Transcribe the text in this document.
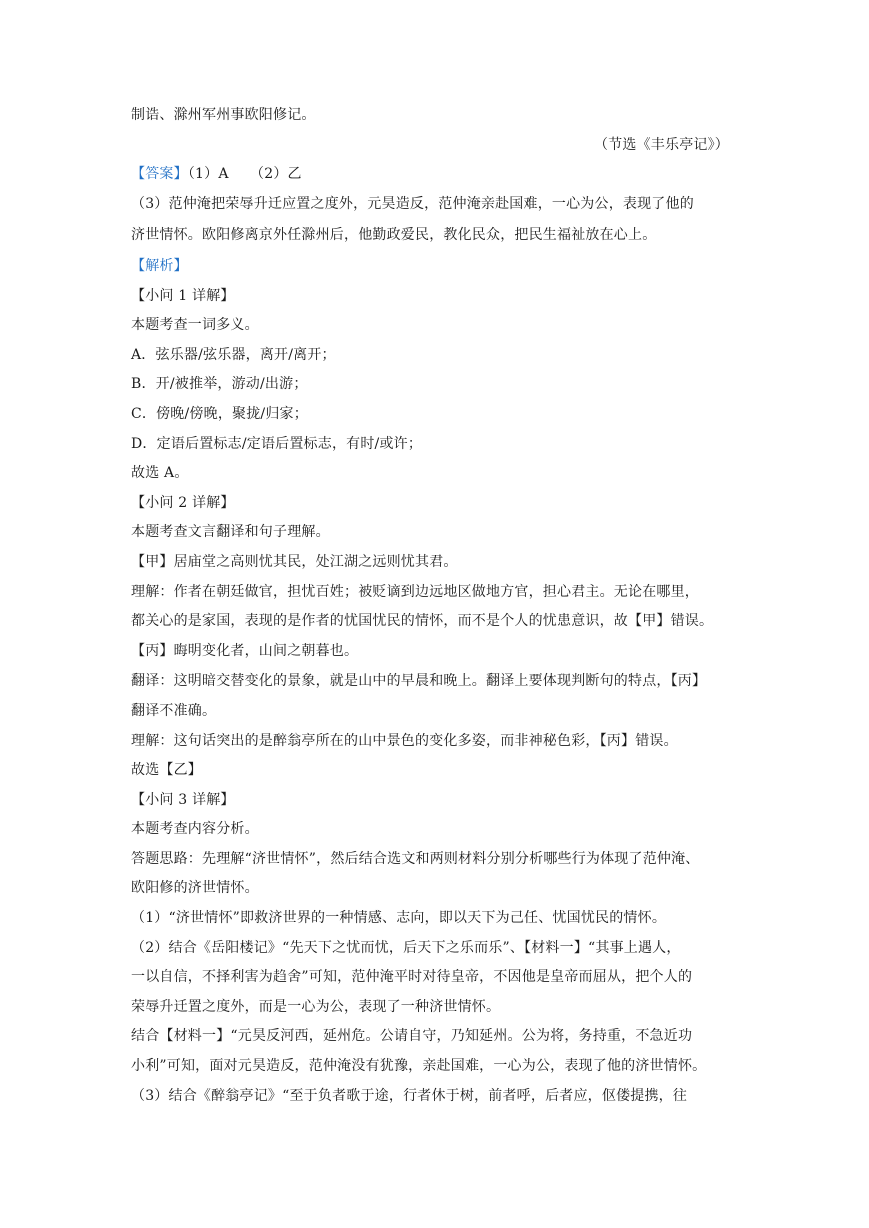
制诰、滁州军州事欧阳修记。
（节选《丰乐亭记》）
【答案】（1）A　　（2）乙
（3）范仲淹把荣辱升迁应置之度外，元昊造反，范仲淹亲赴国难，一心为公，表现了他的
济世情怀。欧阳修离京外任滁州后，他勤政爱民，教化民众，把民生福祉放在心上。
【解析】
【小问 1 详解】
本题考查一词多义。
A．弦乐器/弦乐器，离开/离开；
B．开/被推举，游动/出游；
C．傍晚/傍晚，聚拢/归家；
D．定语后置标志/定语后置标志，有时/或许；
故选 A。
【小问 2 详解】
本题考查文言翻译和句子理解。
【甲】居庙堂之高则忧其民，处江湖之远则忧其君。
理解：作者在朝廷做官，担忧百姓；被贬谪到边远地区做地方官，担心君主。无论在哪里，
都关心的是家国，表现的是作者的忧国忧民的情怀，而不是个人的忧患意识，故【甲】错误。
【丙】晦明变化者，山间之朝暮也。
翻译：这明暗交替变化的景象，就是山中的早晨和晚上。翻译上要体现判断句的特点，【丙】
翻译不准确。
理解：这句话突出的是醉翁亭所在的山中景色的变化多姿，而非神秘色彩，【丙】错误。
故选【乙】
【小问 3 详解】
本题考查内容分析。
答题思路：先理解“济世情怀”，然后结合选文和两则材料分别分析哪些行为体现了范仲淹、
欧阳修的济世情怀。
（1）“济世情怀”即救济世界的一种情感、志向，即以天下为己任、忧国忧民的情怀。
（2）结合《岳阳楼记》“先天下之忧而忧，后天下之乐而乐”、【材料一】“其事上遇人，
一以自信，不择利害为趋舍”可知，范仲淹平时对待皇帝，不因他是皇帝而屈从，把个人的
荣辱升迁置之度外，而是一心为公，表现了一种济世情怀。
结合【材料一】“元昊反河西，延州危。公请自守，乃知延州。公为将，务持重，不急近功
小利”可知，面对元昊造反，范仲淹没有犹豫，亲赴国难，一心为公，表现了他的济世情怀。
（3）结合《醉翁亭记》“至于负者歌于途，行者休于树，前者呼，后者应，伛偻提携，往
